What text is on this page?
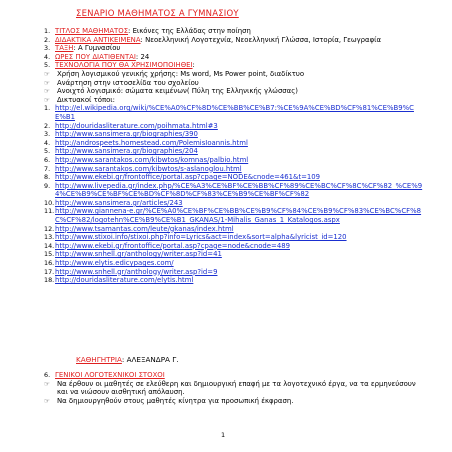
ΣΕΝΑΡΙΟ ΜΑΘΗΜΑΤΟΣ Α ΓΥΜΝΑΣΙΟΥ
1. ΤΙΤΛΟΣ ΜΑΘΗΜΑΤΟΣ: Εικόνες της Ελλάδας στην ποίηση
2. ΔΙΔΑΚΤΙΚΑ ΑΝΤΙΚΕΙΜΕΝΑ: Νεοελληνική Λογοτεχνία, Νεοελληνική Γλώσσα, Ιστορία, Γεωγραφία
3. ΤΑΞΗ: Α Γυμνασίου
4. ΩΡΕΣ ΠΟΥ ΔΙΑΤΙΘΕΝΤΑΙ: 24
5. ΤΕΧΝΟΛΟΓΙΑ ΠΟΥ ΘΑ ΧΡΗΣΙΜΟΠΟΙΗΘΕΙ:
☞ Χρήση λογισμικού γενικής χρήσης: Ms word, Ms Power point, διαδίκτυο
☞ Ανάρτηση στην ιστοσελίδα του σχολείου
☞ Ανοιχτό λογισμικό: σώματα κειμένων( Πύλη της Ελληνικής γλώσσας)
☞ Δικτυακοί τόποι:
1. http://el.wikipedia.org/wiki/%CE%A0%CF%8D%CE%BB%CE%B7:%CE%9A%CE%BD%CF%81%CE%B9%CE%B1
2. http://douridasliterature.com/poihmata.html#3
3. http://www.sansimera.gr/biographies/390
4. http://androspeets.homestead.com/PolemisIoannis.html
5. http://www.sansimera.gr/biographies/204
6. http://www.sarantakos.com/kibwtos/komnas/palbio.html
7. http://www.sarantakos.com/kibwtos/s-aslanoglou.html
8. http://www.ekebi.gr/frontoffice/portal.asp?cpage=NODE&cnode=461&t=109
9. http://www.livepedia.gr/index.php/%CE%A3%CE%BF%CE%BB%CF%89%CE%BC%CF%8C%CF%82_%CE%94%CE%B9%CE%BF%CE%BD%CF%8D%CF%83%CE%B9%CE%BF%CF%82
10. http://www.sansimera.gr/articles/243
11. http://www.giannena-e.gr/%CE%A0%CE%BF%CE%BB%CE%B9%CF%84%CE%B9%CF%83%CE%BC%CF%8C%CF%82/logotehn%CE%B9%CE%B1_GKANAS/1-Mihalis_Ganas_1_Katalogos.aspx
12. http://www.tsamantas.com/leute/gkanas/index.html
13. http://www.stixoi.info/stixoi.php?info=Lyrics&act=index&sort=alpha&lyricist_id=120
14. http://www.ekebi.gr/frontoffice/portal.asp?cpage=node&cnode=489
15. http://www.snhell.gr/anthology/writer.asp?id=41
16. http://www.elytis.edicypages.com/
17. http://www.snhell.gr/anthology/writer.asp?id=9
18. http://douridasliterature.com/elytis.html
ΚΑΘΗΓΗΤΡΙΑ: ΑΛΕΞΑΝΔΡΑ Γ.
6. ΓΕΝΙΚΟΙ ΛΟΓΟΤΕΧΝΙΚΟΙ ΣΤΟΧΟΙ
☞ Να έρθουν οι μαθητές σε ελεύθερη και δημιουργική επαφή με τα λογοτεχνικό έργα, να τα ερμηνεύσουν και να νιώσουν αισθητική απόλαυση.
☞ Να δημιουργηθούν στους μαθητές κίνητρα για προσωπική έκφραση.
1
